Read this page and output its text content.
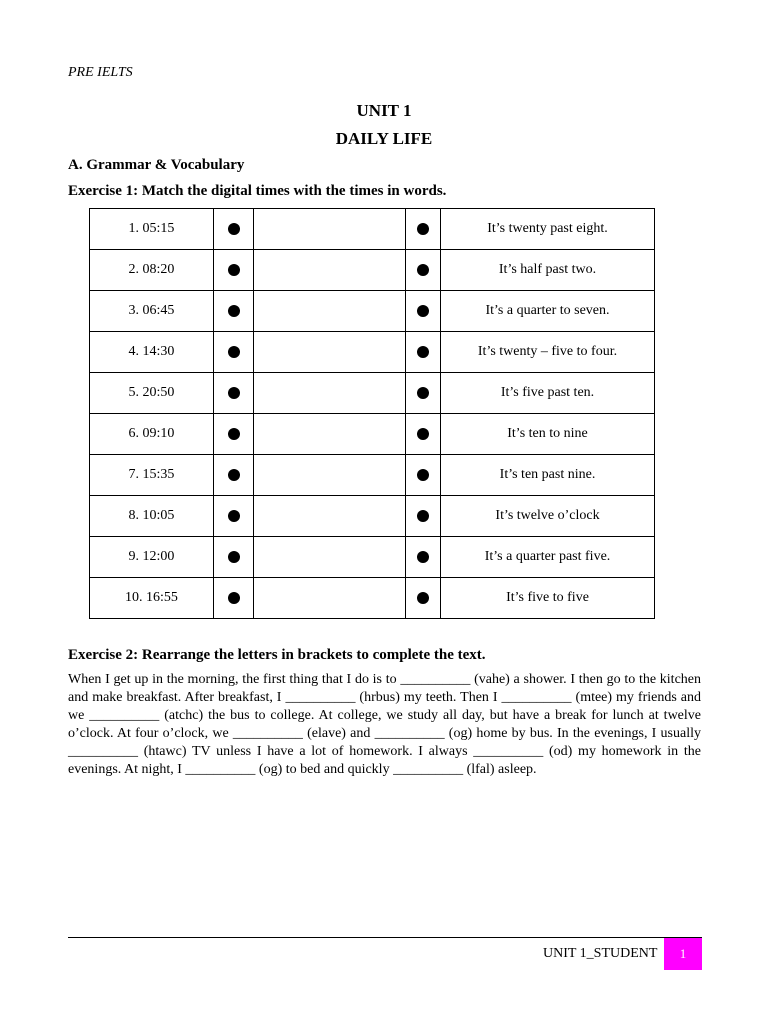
PRE IELTS
UNIT 1
DAILY LIFE
A. Grammar & Vocabulary
Exercise 1: Match the digital times with the times in words.
1. 05:15				It’s twenty past eight.
2. 08:20				It’s half past two.
3. 06:45				It’s a quarter to seven.
4. 14:30				It’s twenty – five to four.
5. 20:50				It’s five past ten.
6. 09:10				It’s ten to nine
7. 15:35				It’s ten past nine.
8. 10:05				It’s twelve o’clock
9. 12:00				It’s a quarter past five.
10. 16:55				It’s five to five
Exercise 2: Rearrange the letters in brackets to complete the text.
When I get up in the morning, the first thing that I do is to __________ (vahe) a shower. I then go to the kitchen and make breakfast. After breakfast, I __________ (hrbus) my teeth. Then I __________ (mtee) my friends and we __________ (atchc) the bus to college. At college, we study all day, but have a break for lunch at twelve o’clock. At four o’clock, we __________ (elave) and __________ (og) home by bus. In the evenings, I usually __________ (htawc) TV unless I have a lot of homework. I always __________ (od) my homework in the evenings. At night, I __________ (og) to bed and quickly __________ (lfal) asleep.
UNIT 1_STUDENT	1
